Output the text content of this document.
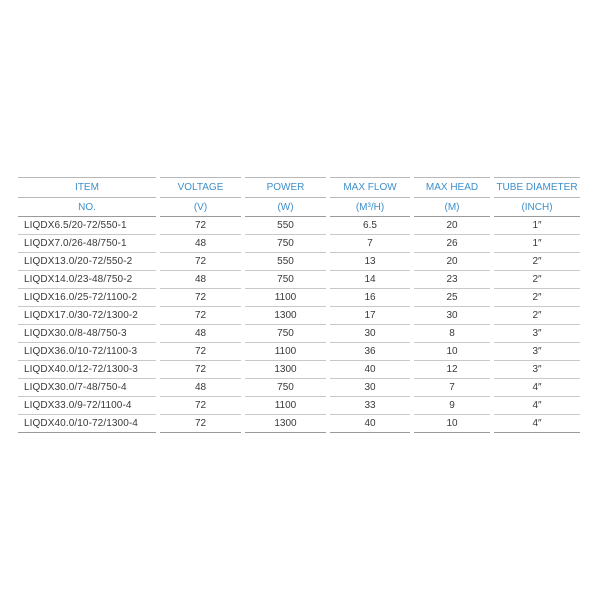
ITEM	VOLTAGE	POWER	MAX FLOW	MAX HEAD	TUBE DIAMETER
NO.	(V)	(W)	(M³/H)	(M)	(INCH)
LIQDX6.5/20-72/550-1	72	550	6.5	20	1″
LIQDX7.0/26-48/750-1	48	750	7	26	1″
LIQDX13.0/20-72/550-2	72	550	13	20	2″
LIQDX14.0/23-48/750-2	48	750	14	23	2″
LIQDX16.0/25-72/1100-2	72	1100	16	25	2″
LIQDX17.0/30-72/1300-2	72	1300	17	30	2″
LIQDX30.0/8-48/750-3	48	750	30	8	3″
LIQDX36.0/10-72/1100-3	72	1100	36	10	3″
LIQDX40.0/12-72/1300-3	72	1300	40	12	3″
LIQDX30.0/7-48/750-4	48	750	30	7	4″
LIQDX33.0/9-72/1100-4	72	1100	33	9	4″
LIQDX40.0/10-72/1300-4	72	1300	40	10	4″
